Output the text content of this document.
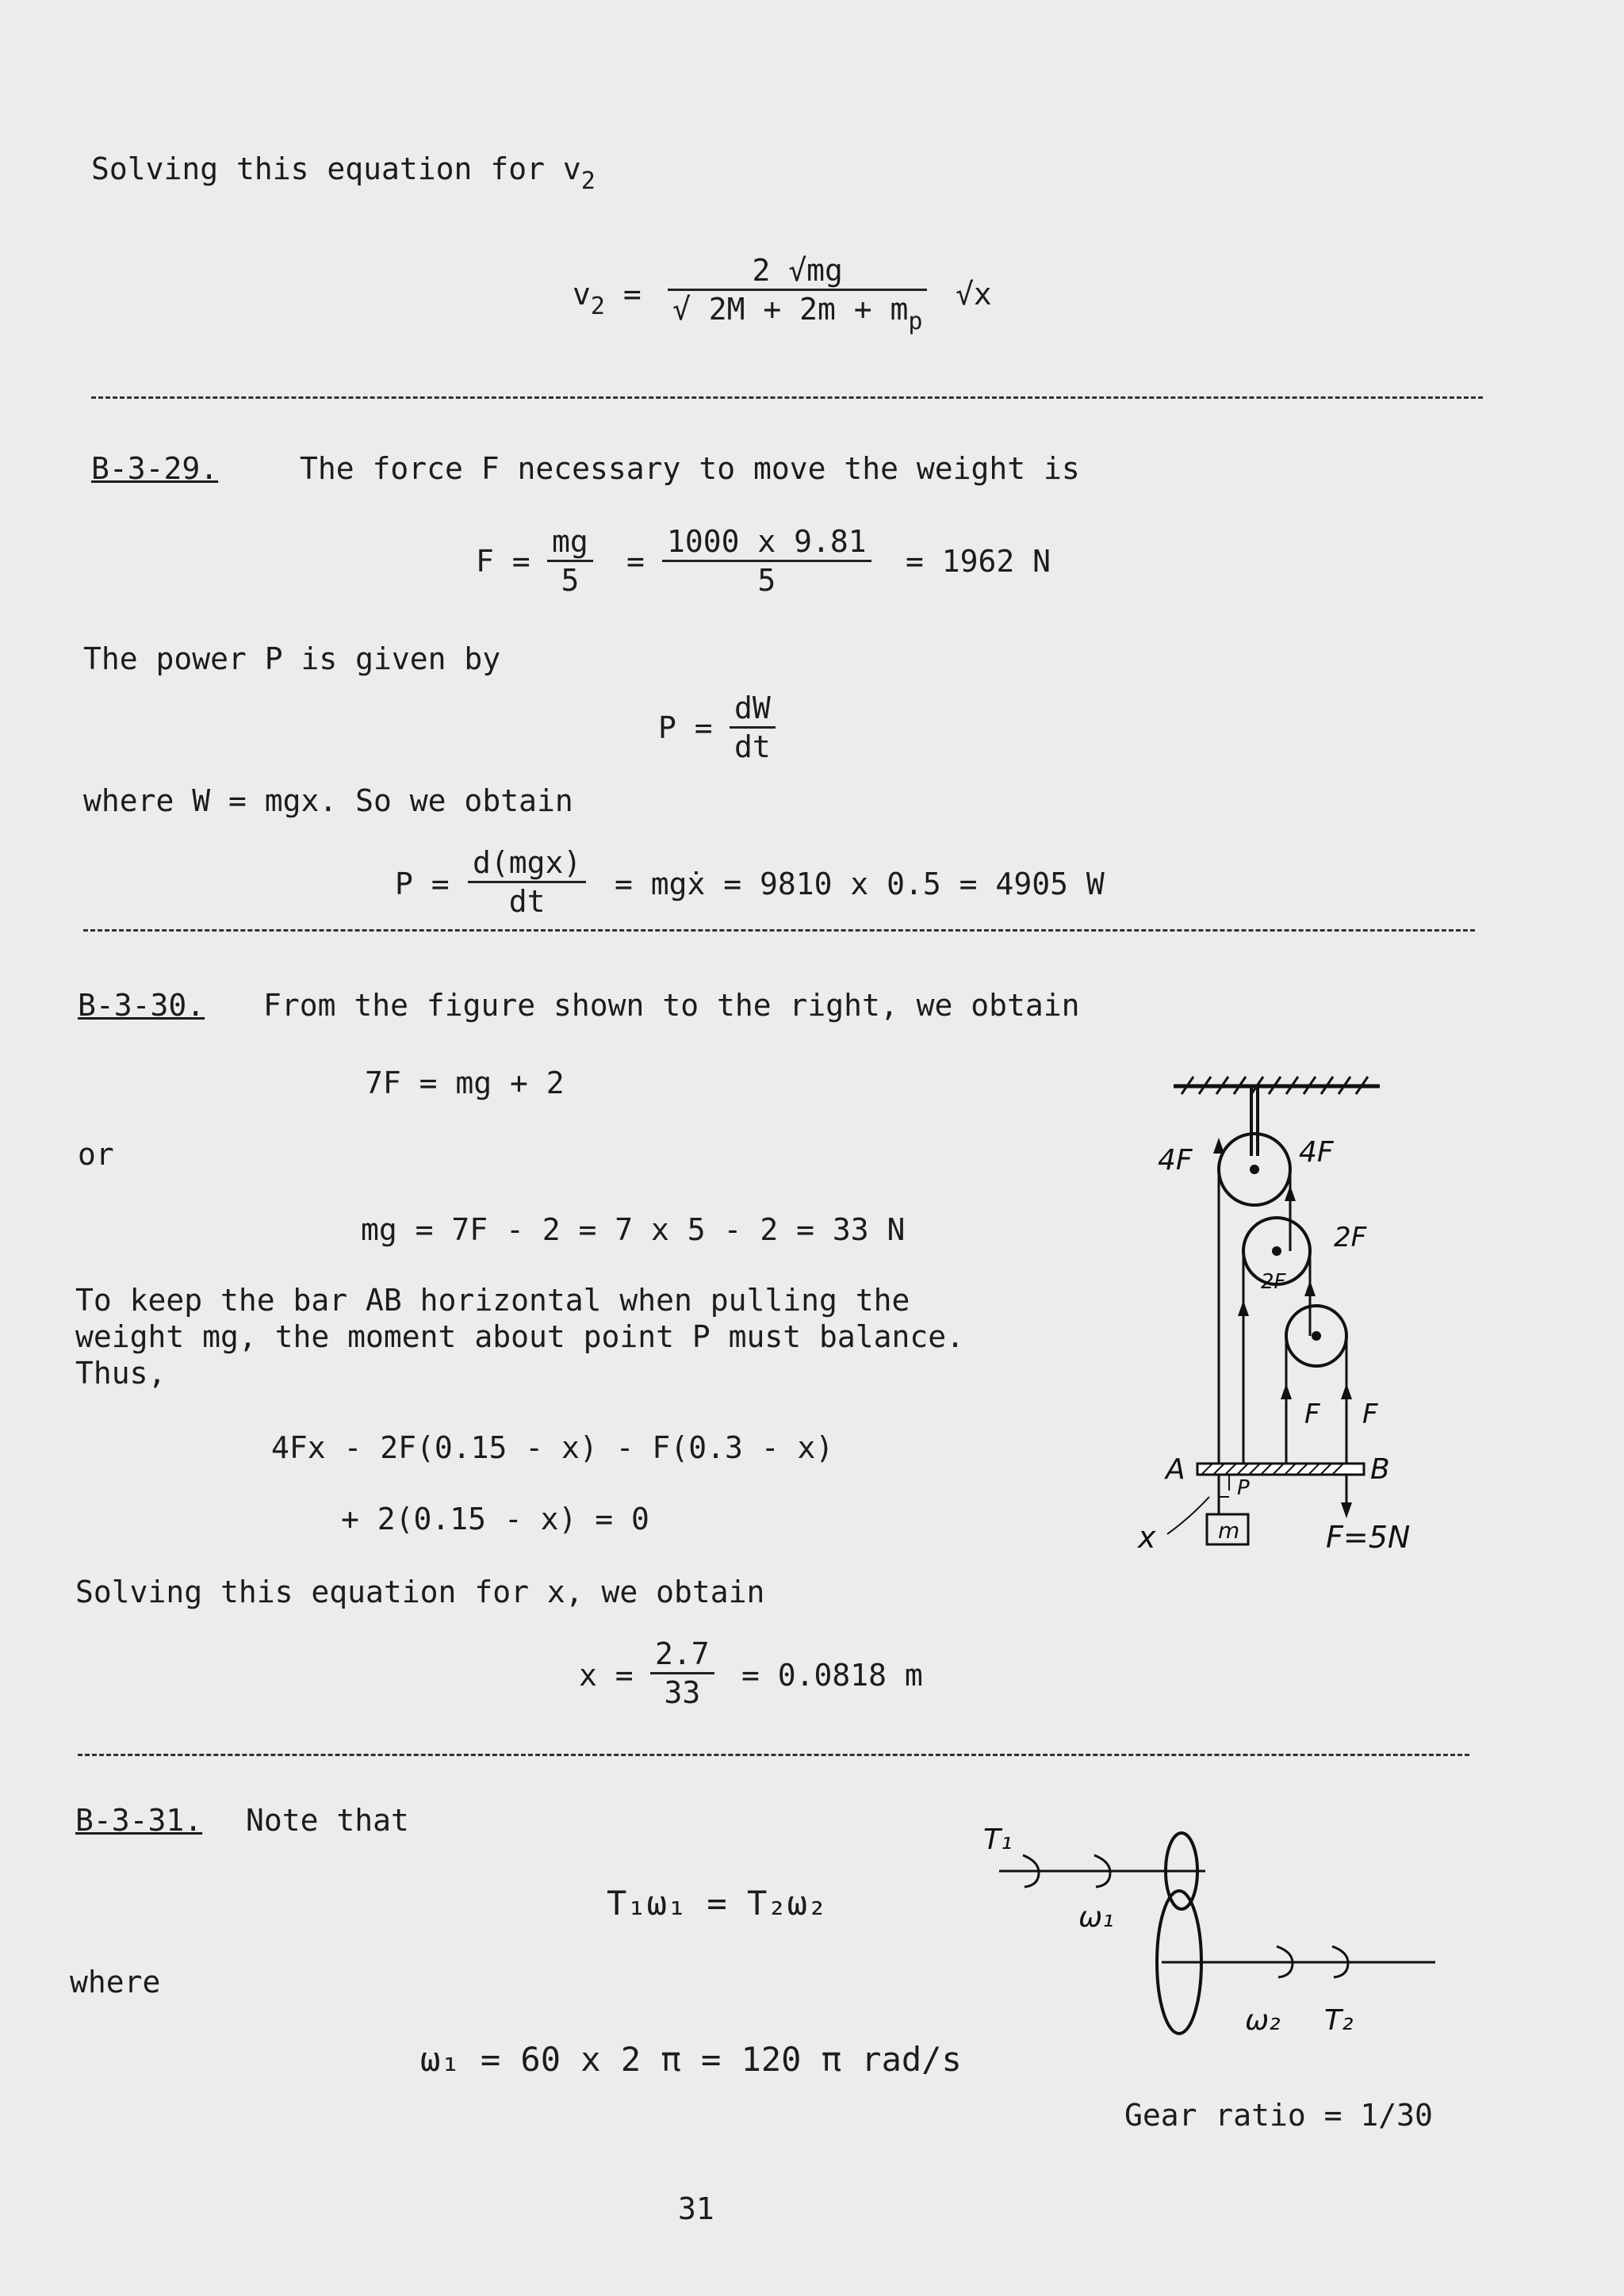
Solving this equation for $v_2$
$v_2$ =
2 √mg
√ $2M + 2m + m_p$
√x
B-3-29.	The force F necessary to move the weight is
F =
mg
5
=
1000 x 9.81
5
= 1962 N
The power P is given by
P =
dW
dt
where W = mgx. So we obtain
P =
d(mgx)
dt = mgẋ = 9810 x 0.5 = 4905 W
B-3-30. From the figure shown to the right, we obtain
7F = mg + 2
or
mg = 7F - 2 = 7 x 5 - 2 = 33 N
To keep the bar AB horizontal when pulling the
weight mg, the moment about point P must balance.
Thus,
4Fx - 2F(0.15 - x) - F(0.3 - x)
+ 2(0.15 - x) = 0
Solving this equation for x, we obtain
x =
2.7
33 = 0.0818 m
4F	4F
2F
2F
F F
A	B
P
x	m	F=5N
B-3-31. Note that
T₁ω₁ = T₂ω₂
where
ω₁ = 60 x 2 π = 120 π rad/s
T₁
ω₁
ω₂ T₂
Gear ratio = 1/30
31
